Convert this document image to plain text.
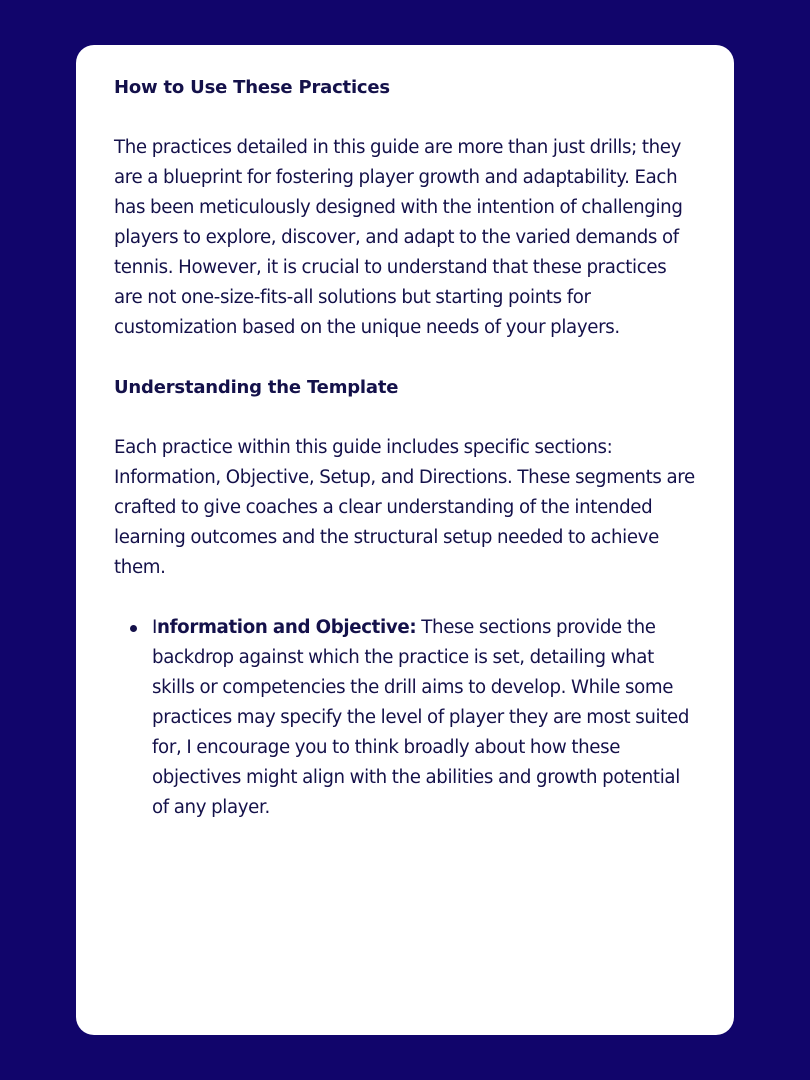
How to Use These Practices

The practices detailed in this guide are more than just drills; they are a blueprint for fostering player growth and adaptability. Each has been meticulously designed with the intention of challenging players to explore, discover, and adapt to the varied demands of tennis. However, it is crucial to understand that these practices are not one-size-fits-all solutions but starting points for customization based on the unique needs of your players.

Understanding the Template

Each practice within this guide includes specific sections: Information, Objective, Setup, and Directions. These segments are crafted to give coaches a clear understanding of the intended learning outcomes and the structural setup needed to achieve them.

Information and Objective: These sections provide the backdrop against which the practice is set, detailing what skills or competencies the drill aims to develop. While some practices may specify the level of player they are most suited for, I encourage you to think broadly about how these objectives might align with the abilities and growth potential of any player.
